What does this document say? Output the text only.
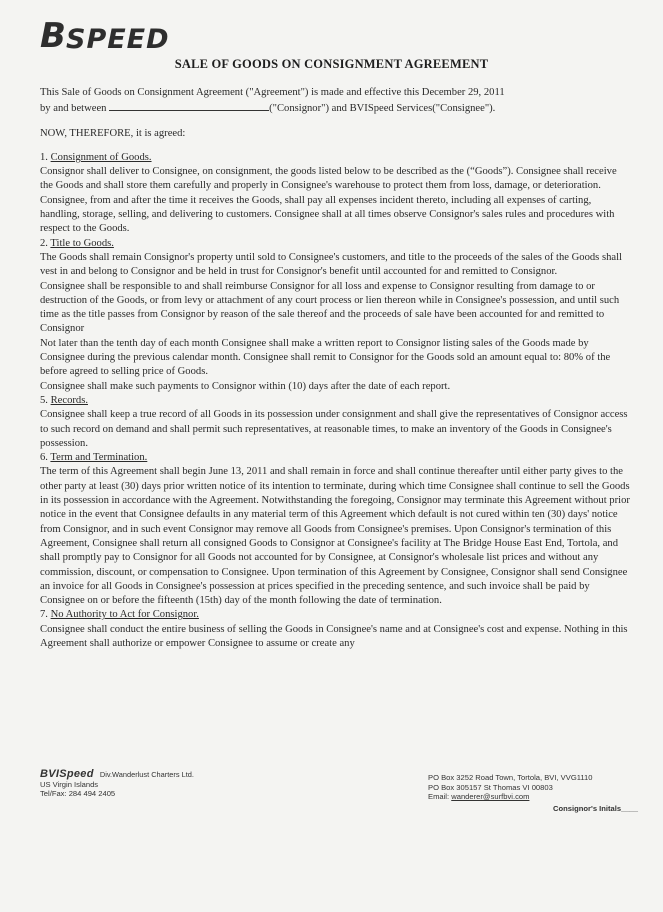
B SPEED
SALE OF GOODS ON CONSIGNMENT AGREEMENT

This Sale of Goods on Consignment Agreement ("Agreement") is made and effective this December 29, 2011

by and between	("Consignor") and BVISpeed Services("Consignee").

NOW, THEREFORE, it is agreed:

1. Consignment of Goods.

Consignor shall deliver to Consignee, on consignment, the goods listed below to be described as the (“Goods”). Consignee shall receive the Goods and shall store them carefully and properly in Consignee's warehouse to protect them from loss, damage, or deterioration. Consignee, from and after the time it receives the Goods, shall pay all expenses incident thereto, including all expenses of carting, handling, storage, selling, and delivering to customers. Consignee shall at all times observe Consignor's sales rules and procedures with respect to the Goods.

2. Title to Goods.

The Goods shall remain Consignor's property until sold to Consignee's customers, and title to the proceeds of the sales of the Goods shall vest in and belong to Consignor and be held in trust for Consignor's benefit until accounted for and remitted to Consignor.

Consignee shall be responsible to and shall reimburse Consignor for all loss and expense to Consignor resulting from damage to or destruction of the Goods, or from levy or attachment of any court process or lien thereon while in Consignee's possession, and until such time as the title passes from Consignor by reason of the sale thereof and the proceeds of sale have been accounted for and remitted to Consignor

Not later than the tenth day of each month Consignee shall make a written report to Consignor listing sales of the Goods made by Consignee during the previous calendar month. Consignee shall remit to Consignor for the Goods sold an amount equal to: 80% of the before agreed to selling price of Goods.

Consignee shall make such payments to Consignor within (10) days after the date of each report.

5. Records.

Consignee shall keep a true record of all Goods in its possession under consignment and shall give the representatives of Consignor access to such record on demand and shall permit such representatives, at reasonable times, to make an inventory of the Goods in Consignee's possession.

6. Term and Termination.

The term of this Agreement shall begin June 13, 2011 and shall remain in force and shall continue thereafter until either party gives to the other party at least (30) days prior written notice of its intention to terminate, during which time Consignee shall continue to sell the Goods in its possession in accordance with the Agreement. Notwithstanding the foregoing, Consignor may terminate this Agreement without prior notice in the event that Consignee defaults in any material term of this Agreement which default is not cured within ten (30) days' notice from Consignor, and in such event Consignor may remove all Goods from Consignee's premises. Upon Consignor's termination of this Agreement, Consignee shall return all consigned Goods to Consignor at Consignee's facility at The Bridge House East End, Tortola, and shall promptly pay to Consignor for all Goods not accounted for by Consignee, at Consignor's wholesale list prices and without any commission, discount, or compensation to Consignee. Upon termination of this Agreement by Consignee, Consignor shall send Consignee an invoice for all Goods in Consignee's possession at prices specified in the preceding sentence, and such invoice shall be paid by Consignee on or before the fifteenth (15th) day of the month following the date of termination.

7. No Authority to Act for Consignor.

Consignee shall conduct the entire business of selling the Goods in Consignee's name and at Consignee's cost and expense. Nothing in this Agreement shall authorize or empower Consignee to assume or create any

BVISpeed Div.Wanderlust Charters Ltd.
US Virgin Islands
Tel/Fax: 284 494 2405
PO Box 3252 Road Town, Tortola, BVI, VVG1110
PO Box 305157 St Thomas VI 00803
Email: wanderer@surfbvi.com
Consignor's Initals____
